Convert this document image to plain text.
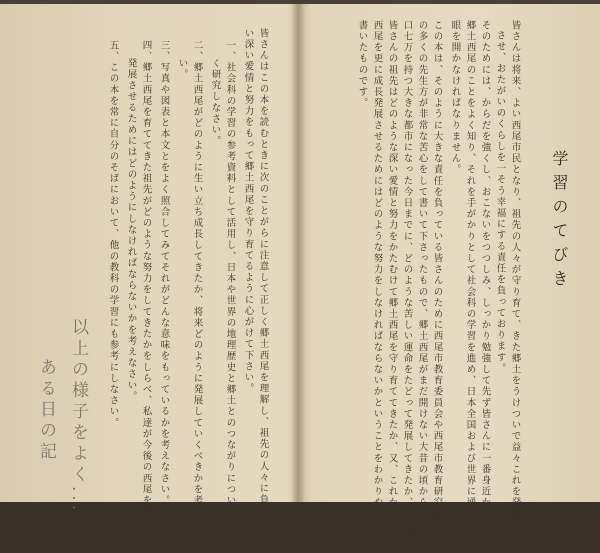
学習のてびき
皆さんは将来、よい西尾市民となり、祖先の人々が守り育て、きた郷土をうけついで益々これを発展
させ、おたがいのくらしを一そう幸福にする責任を負っております。
そのためには、からだを強くし、おこないをつつしみ、しっかり勉強して先ず皆さんに一番身近かな
郷土西尾のことをよく知り、それを手がかりとして社会科の学習を進め、日本全国および世界に通ずる
眼を開かなければなりません。
この本は、そのように大きな責任を負っている皆さんのために西尾市教育委員会や西尾市教育研究会
の多くの先生方が非常な苦心をして書いて下さったもので、郷土西尾がまだ開けない大昔の頃から、人
口七万を持つ大きな都市になった今日までに、どのような苦しい運命をたどって発展してきたか、その間、
皆さんの祖先はどのような深い愛情と努力をかたむけて郷土西尾を守り育ててきたか、又、これからの
西尾を更に成長発展させるためにはどのような努力をしなければならないかということをわかりやすく
書いたものです。
皆さんはこの本を読むときに次のことがらに注意して正しく郷土西尾を理解し、祖先の人々に負けな
い深い愛情と努力をもって郷土西尾を守り育てるように心がけて下さい。
一、社会科の学習の参考資料として活用し、日本や世界の地理歴史と郷土とのつながりについてよ
く研究しなさい。
二、郷土西尾がどのように生い立ち成長してきたか、将来どのように発展していくべきかを考えなさ
い。
三、写真や図表と本文とをよく照合してみてそれがどんな意味をもっているかを考えなさい。
四、郷土西尾を育ててきた祖先がどのような努力をしてきたかをしらべ、私達が今後の西尾を更に
発展させるためにはどのようにしなければならないかを考えなさい。
五、この本を常に自分のそばにおいて、他の教科の学習にも参考にしなさい。
以上の様子をよく...
ある日の記
